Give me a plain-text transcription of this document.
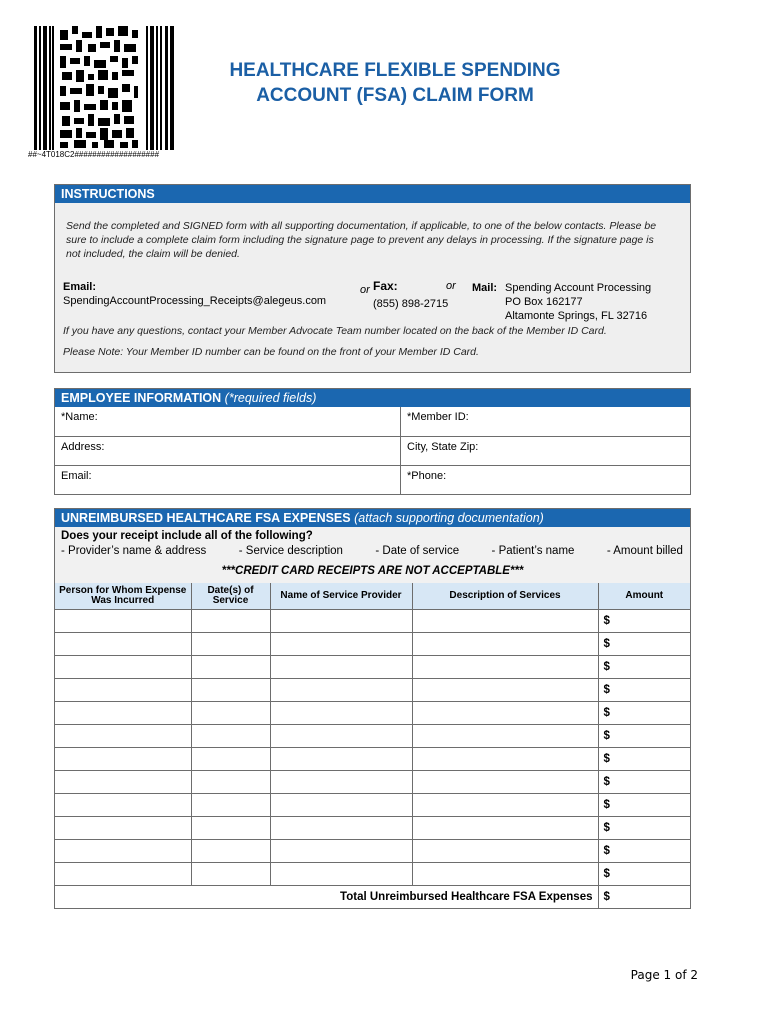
##~4T018C2###################
HEALTHCARE FLEXIBLE SPENDING
ACCOUNT (FSA) CLAIM FORM
INSTRUCTIONS
Send the completed and SIGNED form with all supporting documentation, if applicable, to one of the below contacts. Please be sure to include a complete claim form including the signature page to prevent any delays in processing. If the signature page is not included, the claim will be denied.
Email:
SpendingAccountProcessing_Receipts@alegeus.com
or Fax:
(855) 898-2715
or Mail: Spending Account Processing
PO Box 162177
Altamonte Springs, FL 32716
If you have any questions, contact your Member Advocate Team number located on the back of the Member ID Card.
Please Note: Your Member ID number can be found on the front of your Member ID Card.
EMPLOYEE INFORMATION (*required fields)
*Name:	*Member ID:
Address:	City, State Zip:
Email:	*Phone:
UNREIMBURSED HEALTHCARE FSA EXPENSES (attach supporting documentation)
Does your receipt include all of the following?
- Provider’s name & address	- Service description	- Date of service	- Patient’s name	- Amount billed
***CREDIT CARD RECEIPTS ARE NOT ACCEPTABLE***
Person for Whom Expense Was Incurred	Date(s) of Service	Name of Service Provider	Description of Services	Amount
				$
				$
				$
				$
				$
				$
				$
				$
				$
				$
				$
				$
Total Unreimbursed Healthcare FSA Expenses				$
Page 1 of 2
